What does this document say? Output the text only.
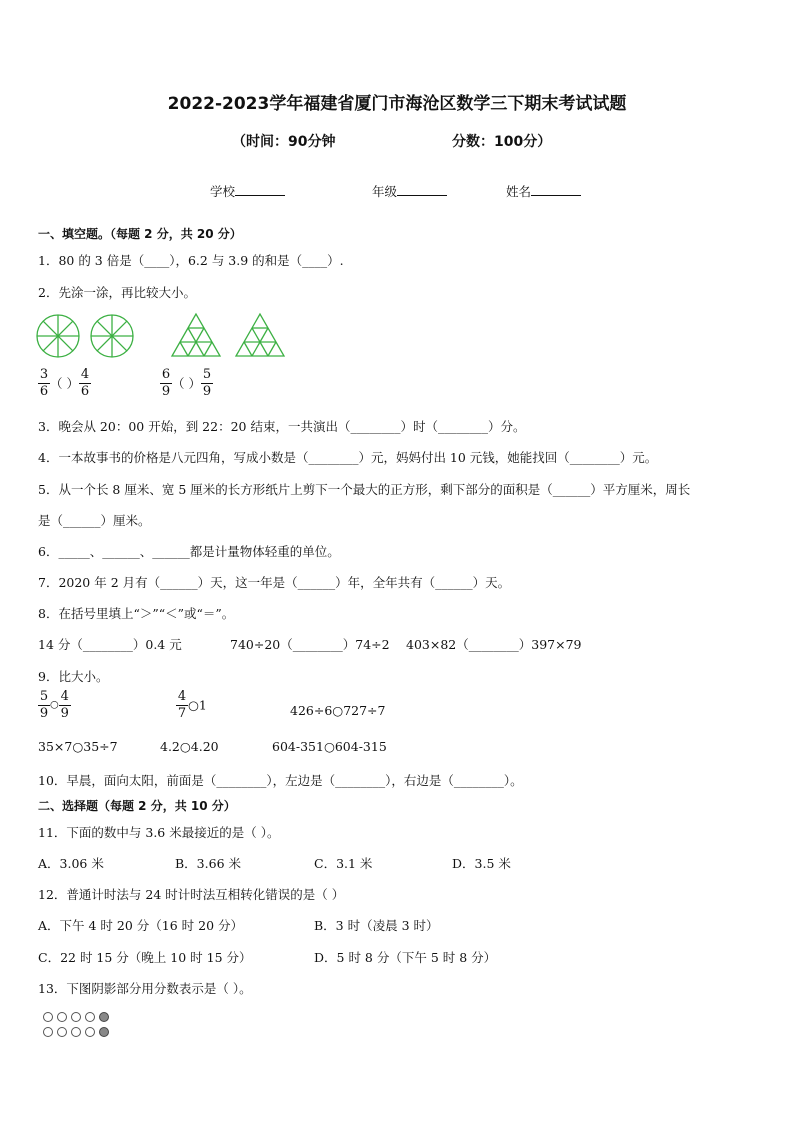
2022-2023学年福建省厦门市海沧区数学三下期末考试试题
（时间：90分钟	分数：100分）
学校	年级	姓名
一、填空题。（每题 2 分，共 20 分）
1．80 的 3 倍是（____），6.2 与 3.9 的和是（____）.
2．先涂一涂，再比较大小。
$\frac{3}{6}$ （ ） $\frac{4}{6}$	$\frac{6}{9}$ （ ） $\frac{5}{9}$
3．晚会从 20：00 开始，到 22：20 结束，一共演出（________）时（________）分。
4．一本故事书的价格是八元四角，写成小数是（________）元，妈妈付出 10 元钱，她能找回（________）元。
5．从一个长 8 厘米、宽 5 厘米的长方形纸片上剪下一个最大的正方形，剩下部分的面积是（______）平方厘米，周长
是（______）厘米。
6．_____、______、______都是计量物体轻重的单位。
7．2020 年 2 月有（______）天，这一年是（______）年，全年共有（______）天。
8．在括号里填上“＞”“＜”或“＝”。
14 分（________）0.4 元	740÷20（________）74÷2 403×82（________）397×79
9．比大小。
$\frac{5}{9}$ ○ $\frac{4}{9}$	$\frac{4}{7}$ ○1	426÷6○727÷7
35×7○35÷7	4.2○4.20	604-351○604-315
10．早晨，面向太阳，前面是（________），左边是（________），右边是（________）。
二、选择题（每题 2 分，共 10 分）
11．下面的数中与 3.6 米最接近的是（ ）。
A．3.06 米	B．3.66 米	C．3.1 米	D．3.5 米
12．普通计时法与 24 时计时法互相转化错误的是（ ）
A．下午 4 时 20 分（16 时 20 分）	B．3 时（凌晨 3 时）
C．22 时 15 分（晚上 10 时 15 分）	D．5 时 8 分（下午 5 时 8 分）
13．下图阴影部分用分数表示是（ ）。
